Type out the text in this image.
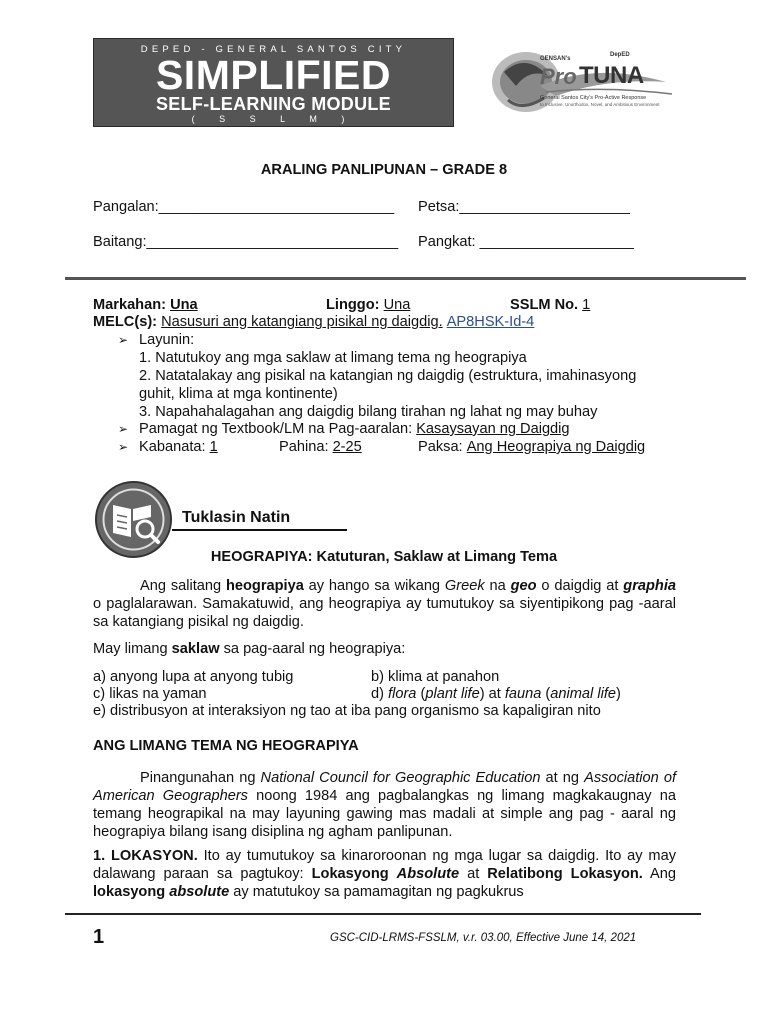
DEPED - GENERAL SANTOS CITY
SIMPLIFIED
SELF-LEARNING MODULE
( S S L M )
GENSAN's
DepED
Pro TUNA
General Santos City's Pro-Active Response
to Inclusive, Unorthodox, Novel, and Ambitious Environment
ARALING PANLIPUNAN – GRADE 8
Pangalan:_____________________________ Petsa:_____________________
Baitang:_______________________________ Pangkat: ___________________
Markahan: Una	Linggo: Una	SSLM No. 1
MELC(s): Nasusuri ang katangiang pisikal ng daigdig. AP8HSK-Id-4
➢ Layunin:
1. Natutukoy ang mga saklaw at limang tema ng heograpiya
2. Natatalakay ang pisikal na katangian ng daigdig (estruktura, imahinasyong
guhit, klima at mga kontinente)
3. Napahahalagahan ang daigdig bilang tirahan ng lahat ng may buhay
➢ Pamagat ng Textbook/LM na Pag-aaralan: Kasaysayan ng Daigdig
➢ Kabanata: 1	Pahina: 2-25	Paksa: Ang Heograpiya ng Daigdig
Tuklasin Natin
HEOGRAPIYA: Katuturan, Saklaw at Limang Tema
Ang salitang heograpiya ay hango sa wikang Greek na geo o daigdig at graphia o paglalarawan. Samakatuwid, ang heograpiya ay tumutukoy sa siyentipikong pag -aaral sa katangiang pisikal ng daigdig.
May limang saklaw sa pag-aaral ng heograpiya:
a) anyong lupa at anyong tubig	b) klima at panahon
c) likas na yaman	d) flora (plant life) at fauna (animal life)
e) distribusyon at interaksiyon ng tao at iba pang organismo sa kapaligiran nito
ANG LIMANG TEMA NG HEOGRAPIYA
Pinangunahan ng National Council for Geographic Education at ng Association of American Geographers noong 1984 ang pagbalangkas ng limang magkakaugnay na temang heograpikal na may layuning gawing mas madali at simple ang pag - aaral ng heograpiya bilang isang disiplina ng agham panlipunan.
1. LOKASYON. Ito ay tumutukoy sa kinaroroonan ng mga lugar sa daigdig. Ito ay may dalawang paraan sa pagtukoy: Lokasyong Absolute at Relatibong Lokasyon. Ang lokasyong absolute ay matutukoy sa pamamagitan ng pagkukrus
1	GSC-CID-LRMS-FSSLM, v.r. 03.00, Effective June 14, 2021
